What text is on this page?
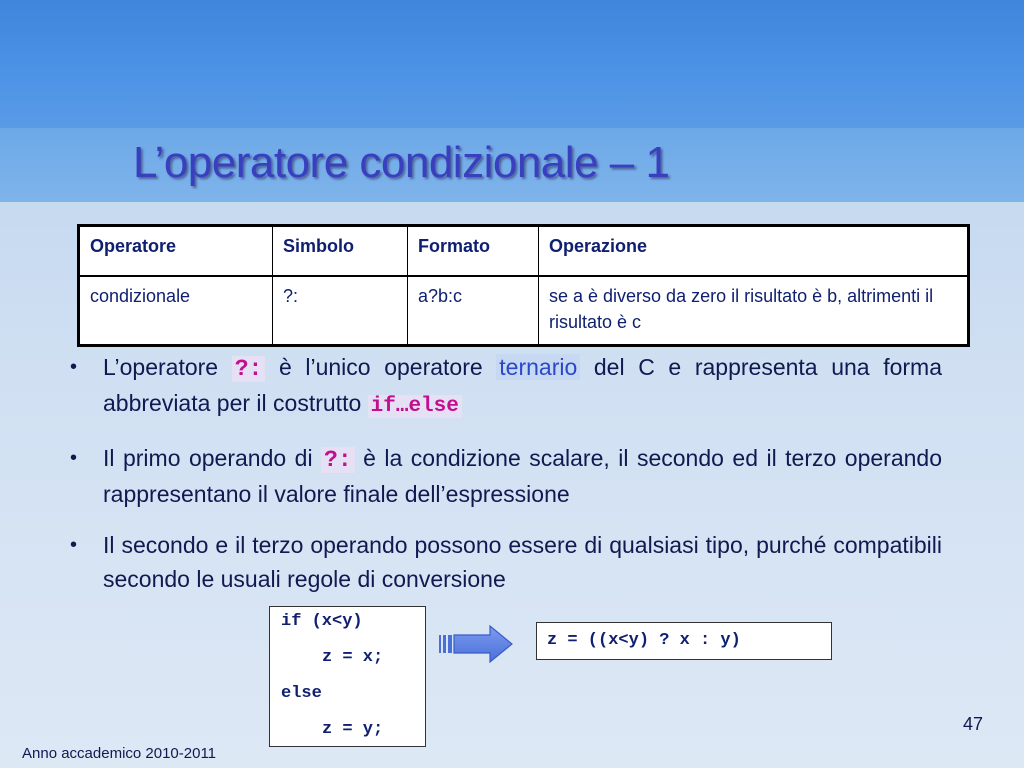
L’operatore condizionale – 1
Operatore	Simbolo	Formato	Operazione
condizionale	?:	a?b:c	se a è diverso da zero il risultato è b, altrimenti il risultato è c
• L’operatore ?: è l’unico operatore ternario del C e rappresenta una forma abbreviata per il costrutto if…else
• Il primo operando di ?: è la condizione scalare, il secondo ed il terzo operando rappresentano il valore finale dell’espressione
• Il secondo e il terzo operando possono essere di qualsiasi tipo, purché compatibili secondo le usuali regole di conversione
if (x<y)
z = x;
else
z = y;
z = ((x<y) ? x : y)
47
Anno accademico 2010-2011
